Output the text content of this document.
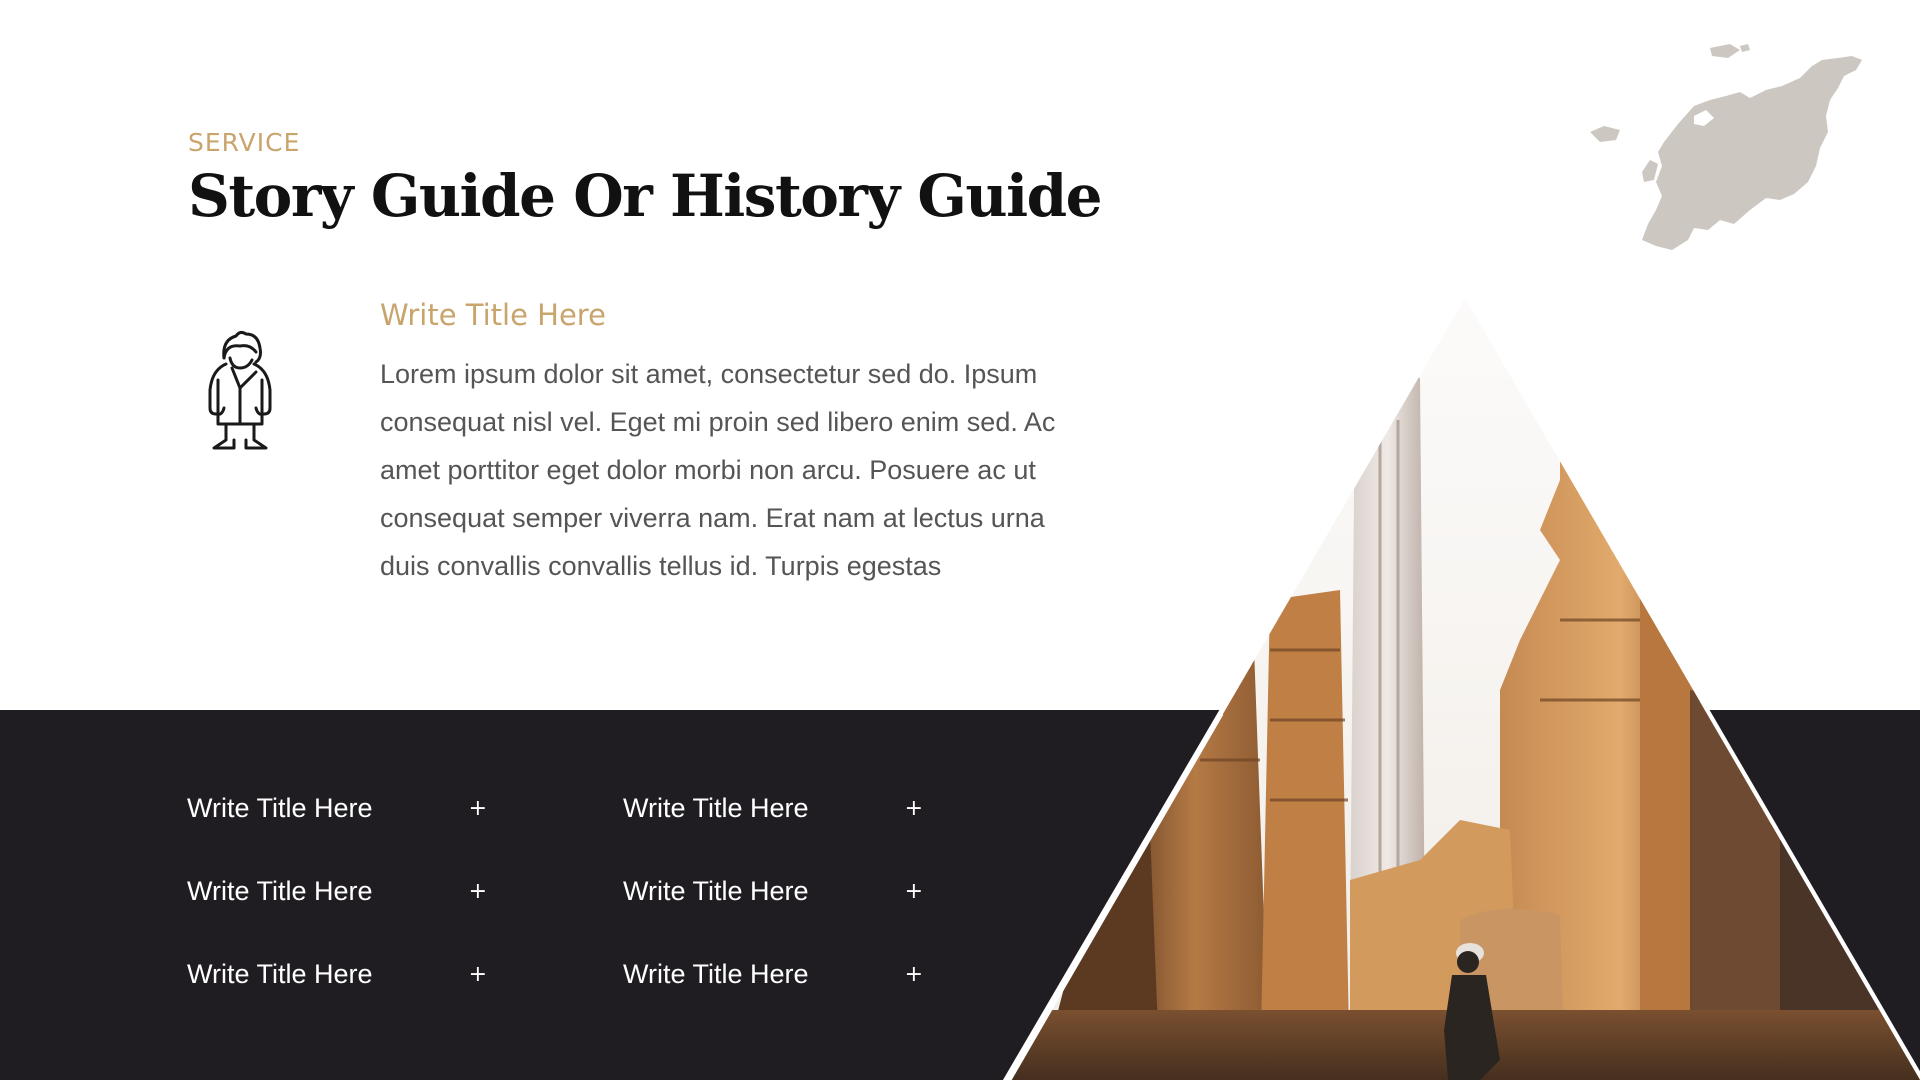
SERVICE
Story Guide Or History Guide
Write Title Here

Lorem ipsum dolor sit amet, consectetur sed do. Ipsum consequat nisl vel. Eget mi proin sed libero enim sed. Ac amet porttitor eget dolor morbi non arcu. Posuere ac ut consequat semper viverra nam. Erat nam at lectus urna duis convallis convallis tellus id. Turpis egestas

Write Title Here	+
Write Title Here	+
Write Title Here	+
Write Title Here	+
Write Title Here	+
Write Title Here	+
